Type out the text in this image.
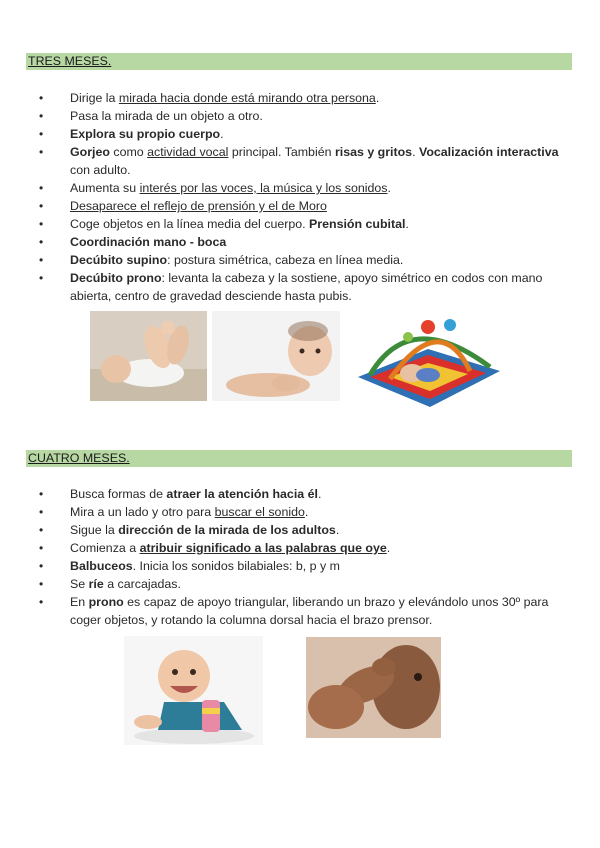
TRES MESES.
• Dirige la mirada hacia donde está mirando otra persona.
• Pasa la mirada de un objeto a otro.
• Explora su propio cuerpo.
• Gorjeo como actividad vocal principal. También risas y gritos. Vocalización interactiva con adulto.
• Aumenta su interés por las voces, la música y los sonidos.
• Desaparece el reflejo de prensión y el de Moro
• Coge objetos en la línea media del cuerpo. Prensión cubital.
• Coordinación mano - boca
• Decúbito supino: postura simétrica, cabeza en línea media.
• Decúbito prono: levanta la cabeza y la sostiene, apoyo simétrico en codos con mano abierta, centro de gravedad desciende hasta pubis.
CUATRO MESES.
• Busca formas de atraer la atención hacia él.
• Mira a un lado y otro para buscar el sonido.
• Sigue la dirección de la mirada de los adultos.
• Comienza a atribuir significado a las palabras que oye.
• Balbuceos. Inicia los sonidos bilabiales: b, p y m
• Se ríe a carcajadas.
• En prono es capaz de apoyo triangular, liberando un brazo y elevándolo unos 30º para coger objetos, y rotando la columna dorsal hacia el brazo prensor.
